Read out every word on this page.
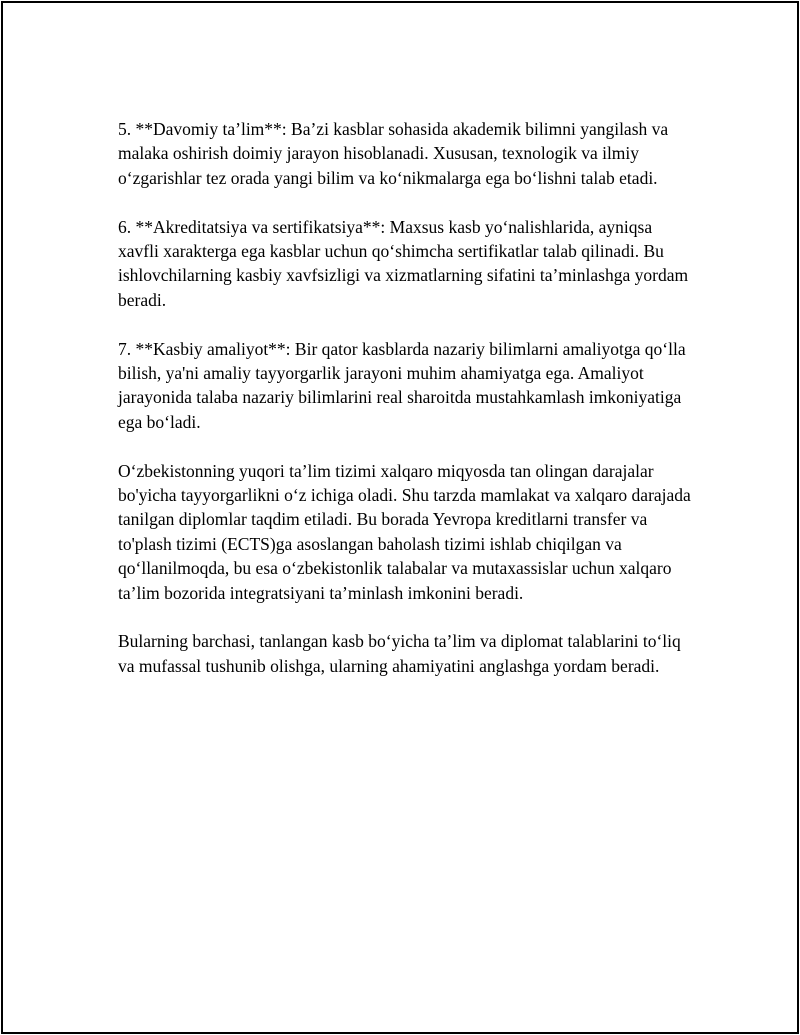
5. **Davomiy ta’lim**: Ba’zi kasblar sohasida akademik bilimni yangilash va malaka oshirish doimiy jarayon hisoblanadi. Xususan, texnologik va ilmiy o‘zgarishlar tez orada yangi bilim va ko‘nikmalarga ega bo‘lishni talab etadi.

6. **Akreditatsiya va sertifikatsiya**: Maxsus kasb yo‘nalishlarida, ayniqsa xavfli xarakterga ega kasblar uchun qo‘shimcha sertifikatlar talab qilinadi. Bu ishlovchilarning kasbiy xavfsizligi va xizmatlarning sifatini ta’minlashga yordam beradi.

7. **Kasbiy amaliyot**: Bir qator kasblarda nazariy bilimlarni amaliyotga qo‘lla bilish, ya'ni amaliy tayyorgarlik jarayoni muhim ahamiyatga ega. Amaliyot jarayonida talaba nazariy bilimlarini real sharoitda mustahkamlash imkoniyatiga ega bo‘ladi.

O‘zbekistonning yuqori ta’lim tizimi xalqaro miqyosda tan olingan darajalar bo'yicha tayyorgarlikni o‘z ichiga oladi. Shu tarzda mamlakat va xalqaro darajada tanilgan diplomlar taqdim etiladi. Bu borada Yevropa kreditlarni transfer va to'plash tizimi (ECTS)ga asoslangan baholash tizimi ishlab chiqilgan va qo‘llanilmoqda, bu esa o‘zbekistonlik talabalar va mutaxassislar uchun xalqaro ta’lim bozorida integratsiyani ta’minlash imkonini beradi.

Bularning barchasi, tanlangan kasb bo‘yicha ta’lim va diplomat talablarini to‘liq va mufassal tushunib olishga, ularning ahamiyatini anglashga yordam beradi.
